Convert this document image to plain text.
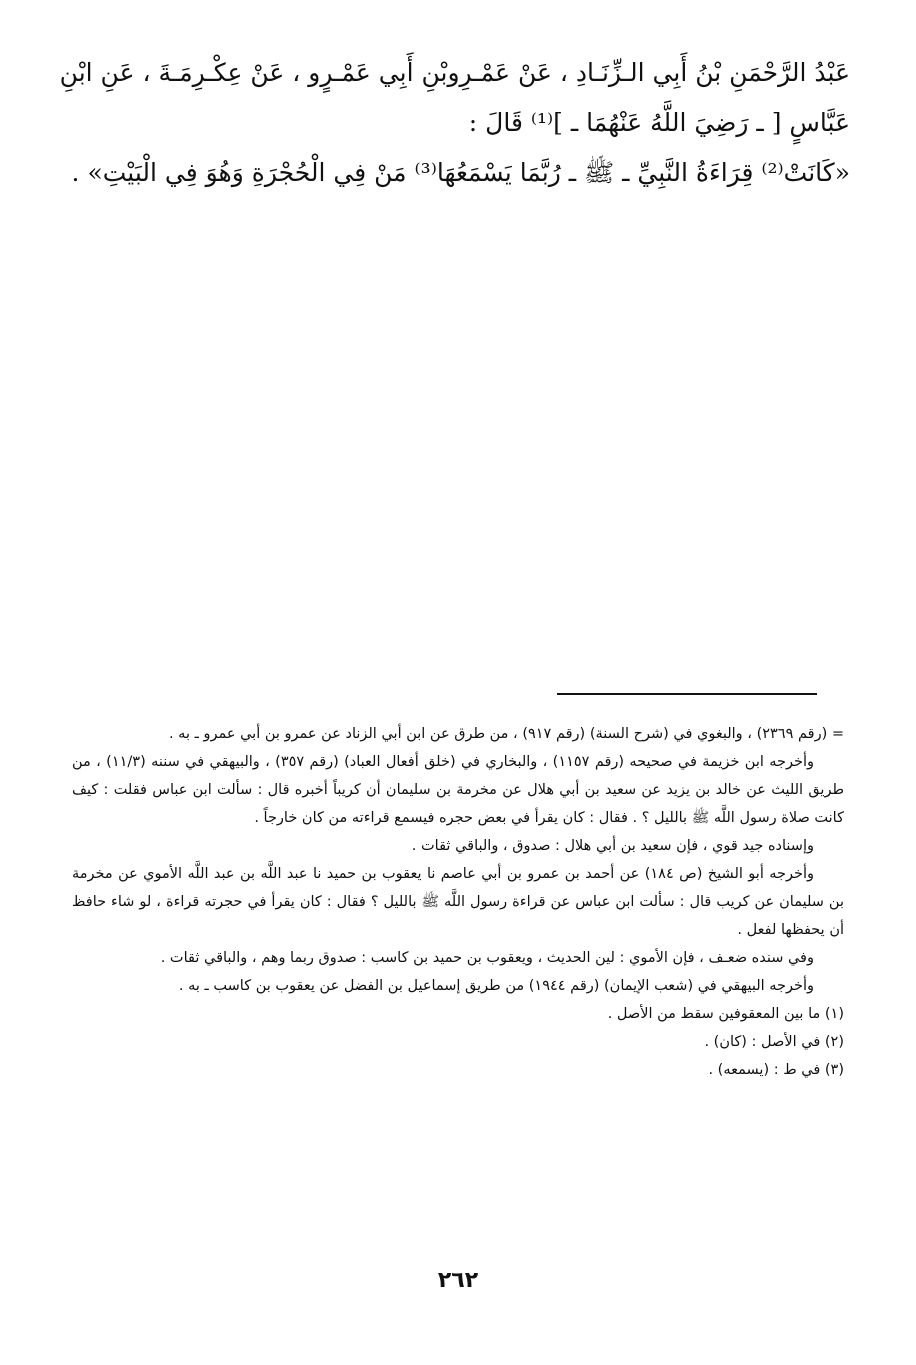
عَبْدُ الرَّحْمَنِ بْنُ أَبِي الـزِّنَـادِ ، عَنْ عَمْـرِوبْنِ أَبِي عَمْـرٍو ، عَنْ عِكْـرِمَـةَ ، عَنِ ابْنِ

عَبَّاسٍ [ ـ رَضِيَ اللَّهُ عَنْهُمَا ـ ]⁽¹⁾ قَالَ :

«كَانَتْ⁽²⁾ قِرَاءَةُ النَّبِيِّ ـ ﷺ ـ رُبَّمَا يَسْمَعُهَا⁽³⁾ مَنْ فِي الْحُجْرَةِ وَهُوَ فِي الْبَيْتِ» .

= (رقم ٢٣٦٩) ، والبغوي في (شرح السنة) (رقم ٩١٧) ، من طرق عن ابن أبي الزناد عن عمرو بن أبي عمرو ـ به .

وأخرجه ابن خزيمة في صحيحه (رقم ١١٥٧) ، والبخاري في (خلق أفعال العباد) (رقم ٣٥٧) ، والبيهقي في سننه (١١/٣) ، من طريق الليث عن خالد بن يزيد عن سعيد بن أبي هلال عن مخرمة بن سليمان أن كريباً أخبره قال : سألت ابن عباس فقلت : كيف كانت صلاة رسول اللَّه ﷺ بالليل ؟ . فقال : كان يقرأ في بعض حجره فيسمع قراءته من كان خارجاً .

وإسناده جيد قوي ، فإن سعيد بن أبي هلال : صدوق ، والباقي ثقات .

وأخرجه أبو الشيخ (ص ١٨٤) عن أحمد بن عمرو بن أبي عاصم نا يعقوب بن حميد نا عبد اللَّه بن عبد اللَّه الأموي عن مخرمة بن سليمان عن كريب قال : سألت ابن عباس عن قراءة رسول اللَّه ﷺ بالليل ؟ فقال : كان يقرأ في حجرته قراءة ، لو شاء حافظ أن يحفظها لفعل .

وفي سنده ضعـف ، فإن الأموي : لين الحديث ، ويعقوب بن حميد بن كاسب : صدوق ربما وهم ، والباقي ثقات .

وأخرجه البيهقي في (شعب الإيمان) (رقم ١٩٤٤) من طريق إسماعيل بن الفضل عن يعقوب بن كاسب ـ به .

(١) ما بين المعقوفين سقط من الأصل .

(٢) في الأصل : (كان) .

(٣) في ط : (يسمعه) .

٢٦٢
